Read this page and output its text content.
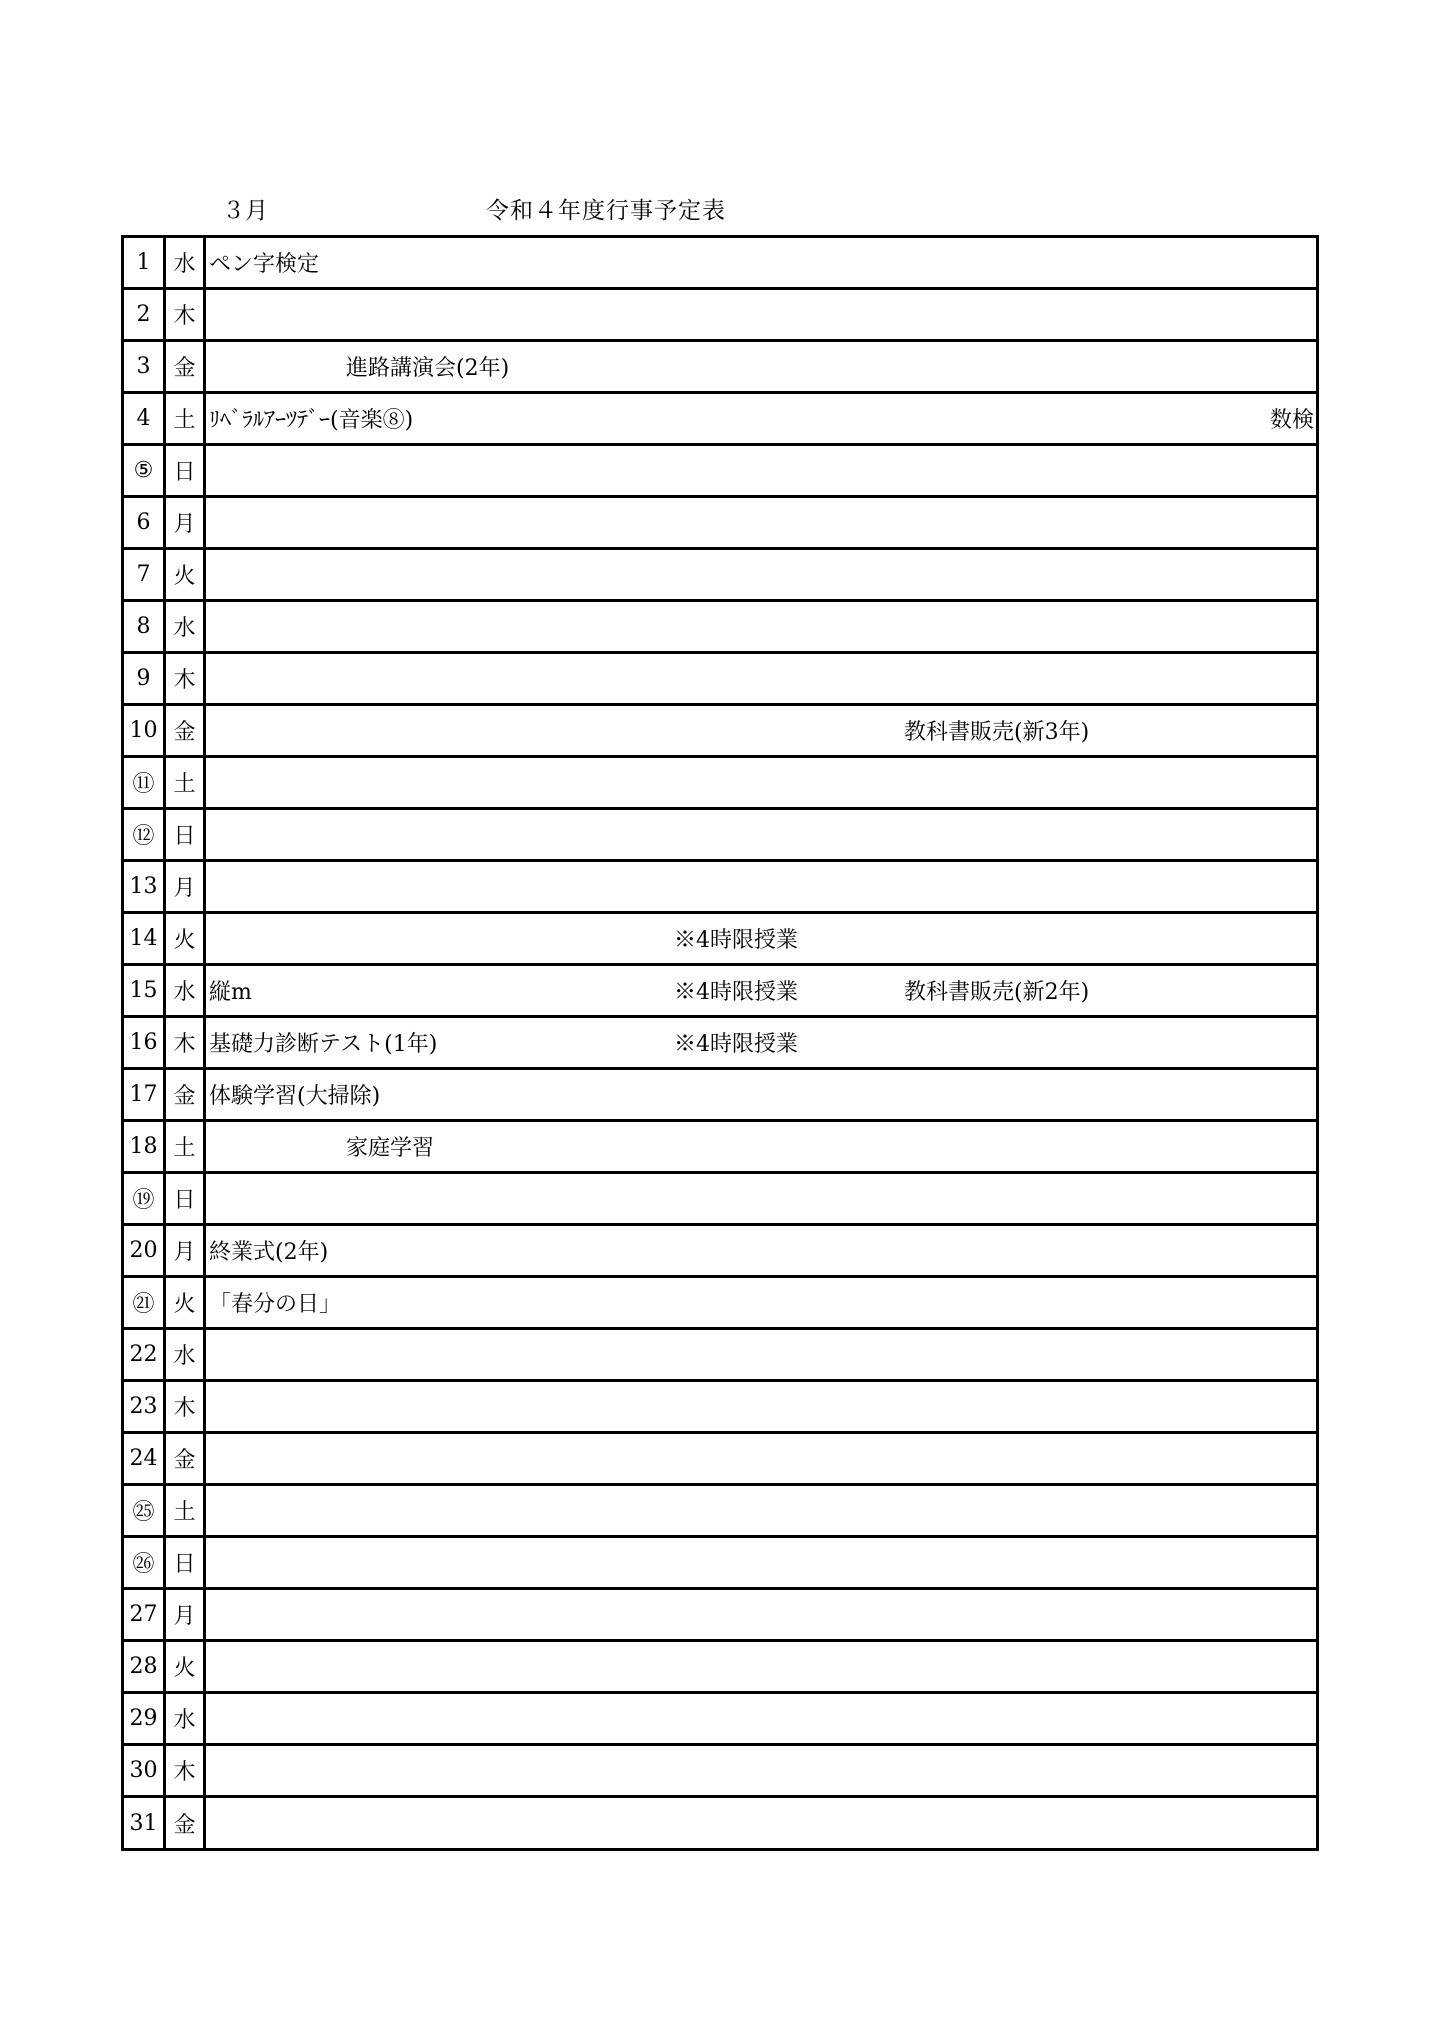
３月	令和４年度行事予定表
1	水 ペン字検定
2	木
3	金	進路講演会(2年)
4	土 ﾘﾍﾞﾗﾙｱｰﾂﾃﾞｰ(音楽⑧)	数検
⑤ 日
6	月
7	火
8	水
9	木
10 金	教科書販売(新3年)
⑪ 土
⑫ 日
13 月
14 火	※4時限授業
15 水 縦m	※4時限授業	教科書販売(新2年)
16 木 基礎力診断テスト(1年)	※4時限授業
17 金 体験学習(大掃除)
18 土	家庭学習
⑲ 日
20 月 終業式(2年)
㉑ 火 「春分の日」
22 水
23 木
24 金
㉕ 土
㉖ 日
27 月
28 火
29 水
30 木
31 金
